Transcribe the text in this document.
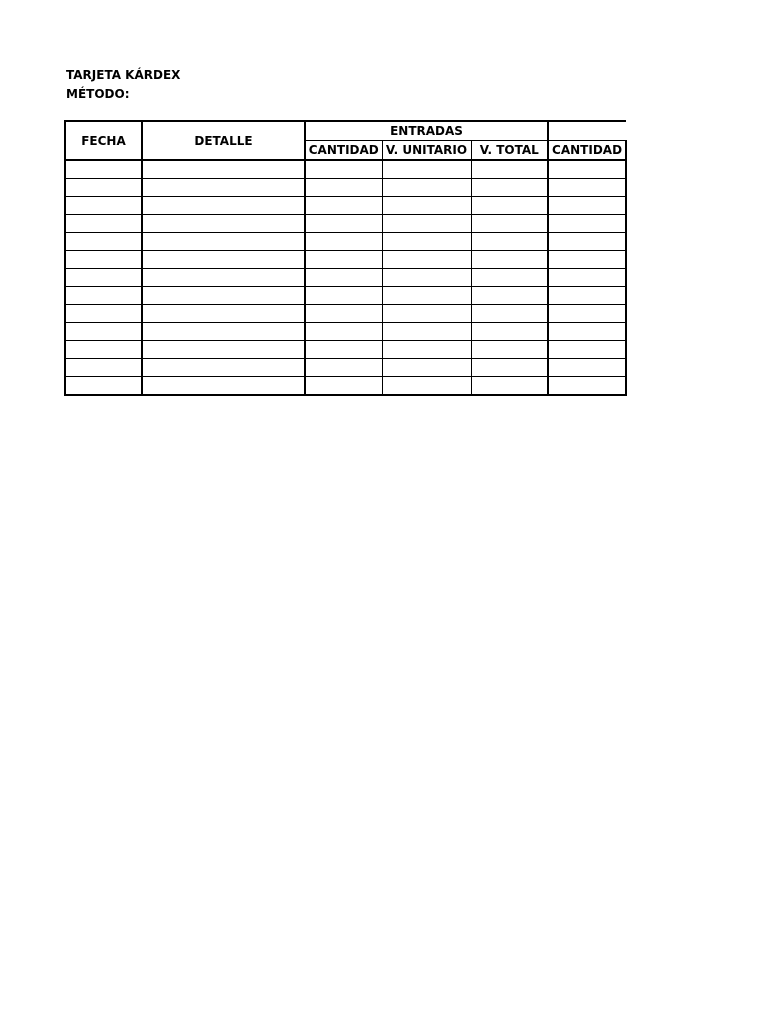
TARJETA KÁRDEX
MÉTODO:
FECHA	DETALLE	ENTRADAS			
		CANTIDAD	V. UNITARIO	V. TOTAL	CANTIDAD
